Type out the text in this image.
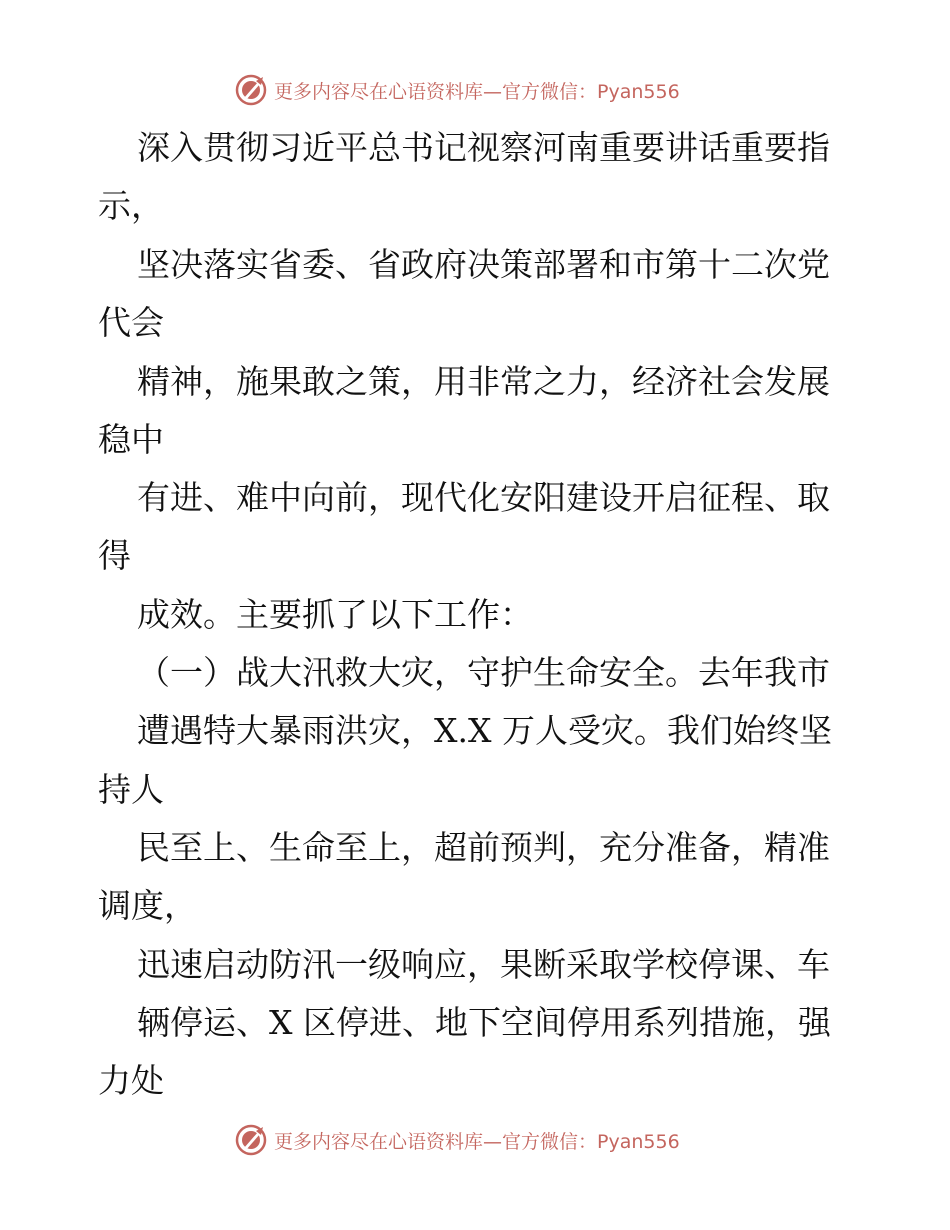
更多内容尽在心语资料库—官方微信：Pyan556
深入贯彻习近平总书记视察河南重要讲话重要指
示，
坚决落实省委、省政府决策部署和市第十二次党
代会
精神，施果敢之策，用非常之力，经济社会发展
稳中
有进、难中向前，现代化安阳建设开启征程、取
得
成效。主要抓了以下工作：
（一）战大汛救大灾，守护生命安全。去年我市
遭遇特大暴雨洪灾，X.X 万人受灾。我们始终坚
持人
民至上、生命至上，超前预判，充分准备，精准
调度，
迅速启动防汛一级响应，果断采取学校停课、车
辆停运、X 区停进、地下空间停用系列措施，强
力处
更多内容尽在心语资料库—官方微信：Pyan556
